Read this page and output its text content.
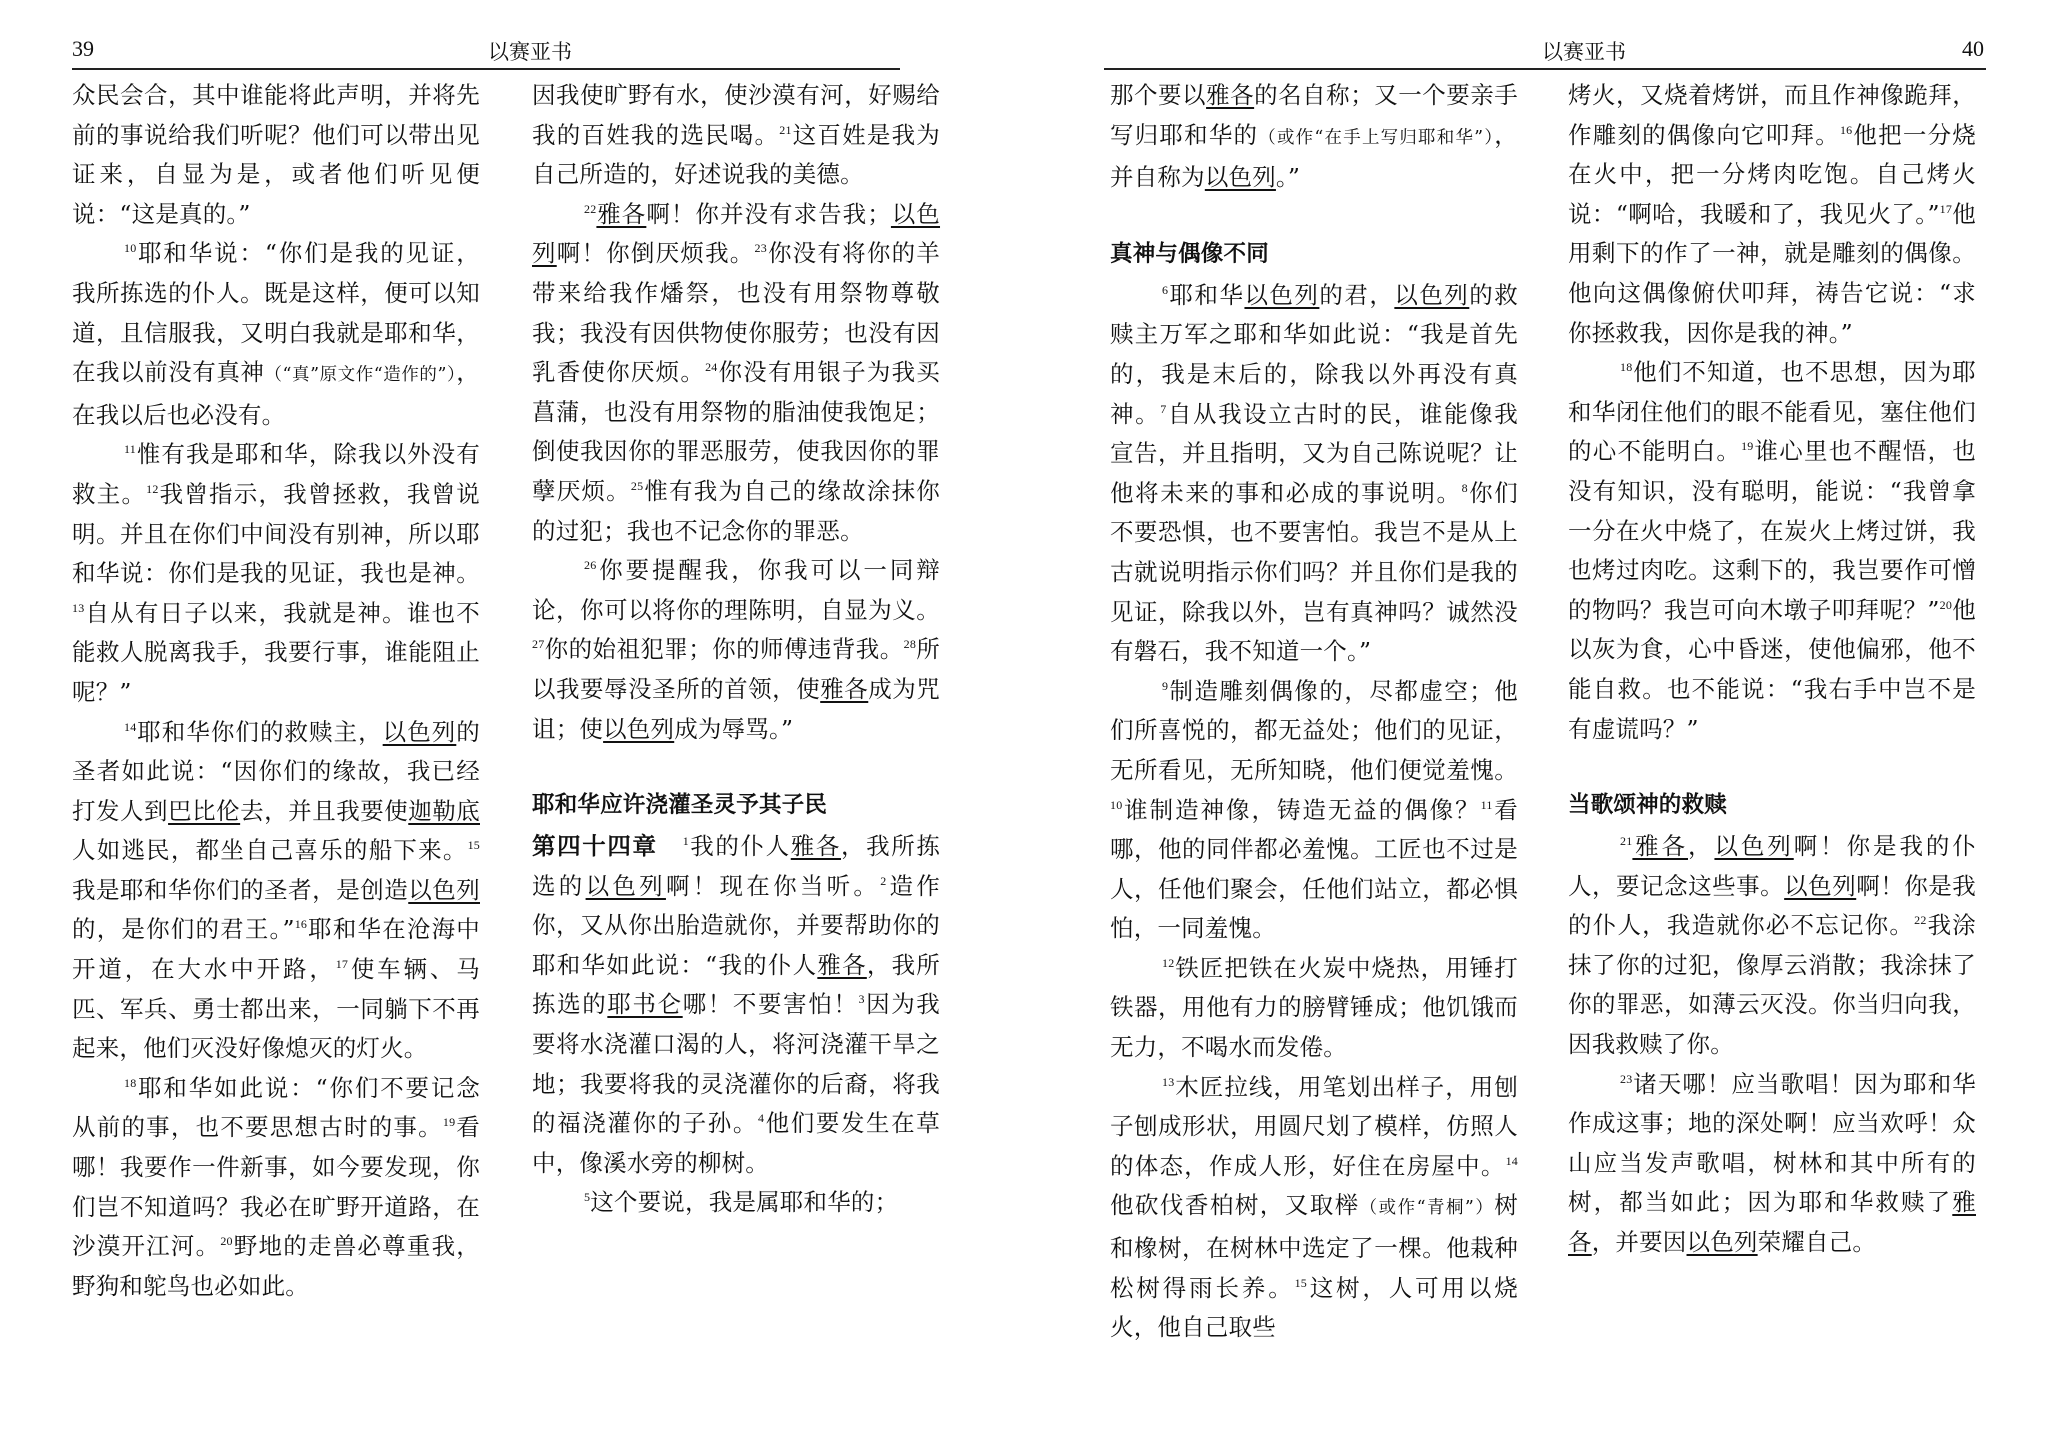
39	以赛亚书

众民会合，其中谁能将此声明，并将先前的事说给我们听呢？他们可以带出见证来，自显为是，或者他们听见便说：“这是真的。”

$^{10}$耶和华说：“你们是我的见证，我所拣选的仆人。既是这样，便可以知道，且信服我，又明白我就是耶和华，在我以前没有真神（“真”原文作“造作的”），在我以后也必没有。

$^{11}$惟有我是耶和华，除我以外没有救主。$^{12}$我曾指示，我曾拯救，我曾说明。并且在你们中间没有别神，所以耶和华说：你们是我的见证，我也是神。$^{13}$自从有日子以来，我就是神。谁也不能救人脱离我手，我要行事，谁能阻止呢？”

$^{14}$耶和华你们的救赎主，以色列的圣者如此说：“因你们的缘故，我已经打发人到巴比伦去，并且我要使迦勒底人如逃民，都坐自己喜乐的船下来。$^{15}$我是耶和华你们的圣者，是创造以色列的，是你们的君王。”$^{16}$耶和华在沧海中开道，在大水中开路，$^{17}$使车辆、马匹、军兵、勇士都出来，一同躺下不再起来，他们灭没好像熄灭的灯火。

$^{18}$耶和华如此说：“你们不要记念从前的事，也不要思想古时的事。$^{19}$看哪！我要作一件新事，如今要发现，你们岂不知道吗？我必在旷野开道路，在沙漠开江河。$^{20}$野地的走兽必尊重我，野狗和鸵鸟也必如此。

因我使旷野有水，使沙漠有河，好赐给我的百姓我的选民喝。$^{21}$这百姓是我为自己所造的，好述说我的美德。

$^{22}$雅各啊！你并没有求告我；以色列啊！你倒厌烦我。$^{23}$你没有将你的羊带来给我作燔祭，也没有用祭物尊敬我；我没有因供物使你服劳；也没有因乳香使你厌烦。$^{24}$你没有用银子为我买菖蒲，也没有用祭物的脂油使我饱足；倒使我因你的罪恶服劳，使我因你的罪孽厌烦。$^{25}$惟有我为自己的缘故涂抹你的过犯；我也不记念你的罪恶。

$^{26}$你要提醒我，你我可以一同辩论，你可以将你的理陈明，自显为义。$^{27}$你的始祖犯罪；你的师傅违背我。$^{28}$所以我要辱没圣所的首领，使雅各成为咒诅；使以色列成为辱骂。”

耶和华应许浇灌圣灵予其子民

第四十四章　 $^1$我的仆人雅各，我所拣选的以色列啊！现在你当听。$^2$造作你，又从你出胎造就你，并要帮助你的耶和华如此说：“我的仆人雅各，我所拣选的耶书仑哪！不要害怕！$^3$因为我要将水浇灌口渴的人，将河浇灌干旱之地；我要将我的灵浇灌你的后裔，将我的福浇灌你的子孙。$^4$他们要发生在草中，像溪水旁的柳树。

$^5$这个要说，我是属耶和华的；

以赛亚书	40

那个要以雅各的名自称；又一个要亲手写归耶和华的（或作“在手上写归耶和华”），并自称为以色列。”

真神与偶像不同

$^6$耶和华以色列的君，以色列的救赎主万军之耶和华如此说：“我是首先的，我是末后的，除我以外再没有真神。$^7$自从我设立古时的民，谁能像我宣告，并且指明，又为自己陈说呢？让他将未来的事和必成的事说明。$^8$你们不要恐惧，也不要害怕。我岂不是从上古就说明指示你们吗？并且你们是我的见证，除我以外，岂有真神吗？诚然没有磐石，我不知道一个。”

$^9$制造雕刻偶像的，尽都虚空；他们所喜悦的，都无益处；他们的见证，无所看见，无所知晓，他们便觉羞愧。$^{10}$谁制造神像，铸造无益的偶像？$^{11}$看哪，他的同伴都必羞愧。工匠也不过是人，任他们聚会，任他们站立，都必惧怕，一同羞愧。

$^{12}$铁匠把铁在火炭中烧热，用锤打铁器，用他有力的膀臂锤成；他饥饿而无力，不喝水而发倦。

$^{13}$木匠拉线，用笔划出样子，用刨子刨成形状，用圆尺划了模样，仿照人的体态，作成人形，好住在房屋中。$^{14}$他砍伐香柏树，又取榉（或作“青桐”）树和橡树，在树林中选定了一棵。他栽种松树得雨长养。$^{15}$这树，人可用以烧火，他自己取些

烤火，又烧着烤饼，而且作神像跪拜，作雕刻的偶像向它叩拜。$^{16}$他把一分烧在火中，把一分烤肉吃饱。自己烤火说：“啊哈，我暖和了，我见火了。”$^{17}$他用剩下的作了一神，就是雕刻的偶像。他向这偶像俯伏叩拜，祷告它说：“求你拯救我，因你是我的神。”

$^{18}$他们不知道，也不思想，因为耶和华闭住他们的眼不能看见，塞住他们的心不能明白。$^{19}$谁心里也不醒悟，也没有知识，没有聪明，能说：“我曾拿一分在火中烧了，在炭火上烤过饼，我也烤过肉吃。这剩下的，我岂要作可憎的物吗？我岂可向木墩子叩拜呢？”$^{20}$他以灰为食，心中昏迷，使他偏邪，他不能自救。也不能说：“我右手中岂不是有虚谎吗？”

当歌颂神的救赎

$^{21}$雅各，以色列啊！你是我的仆人，要记念这些事。以色列啊！你是我的仆人，我造就你必不忘记你。$^{22}$我涂抹了你的过犯，像厚云消散；我涂抹了你的罪恶，如薄云灭没。你当归向我，因我救赎了你。

$^{23}$诸天哪！应当歌唱！因为耶和华作成这事；地的深处啊！应当欢呼！众山应当发声歌唱，树林和其中所有的树，都当如此；因为耶和华救赎了雅各，并要因以色列荣耀自己。
